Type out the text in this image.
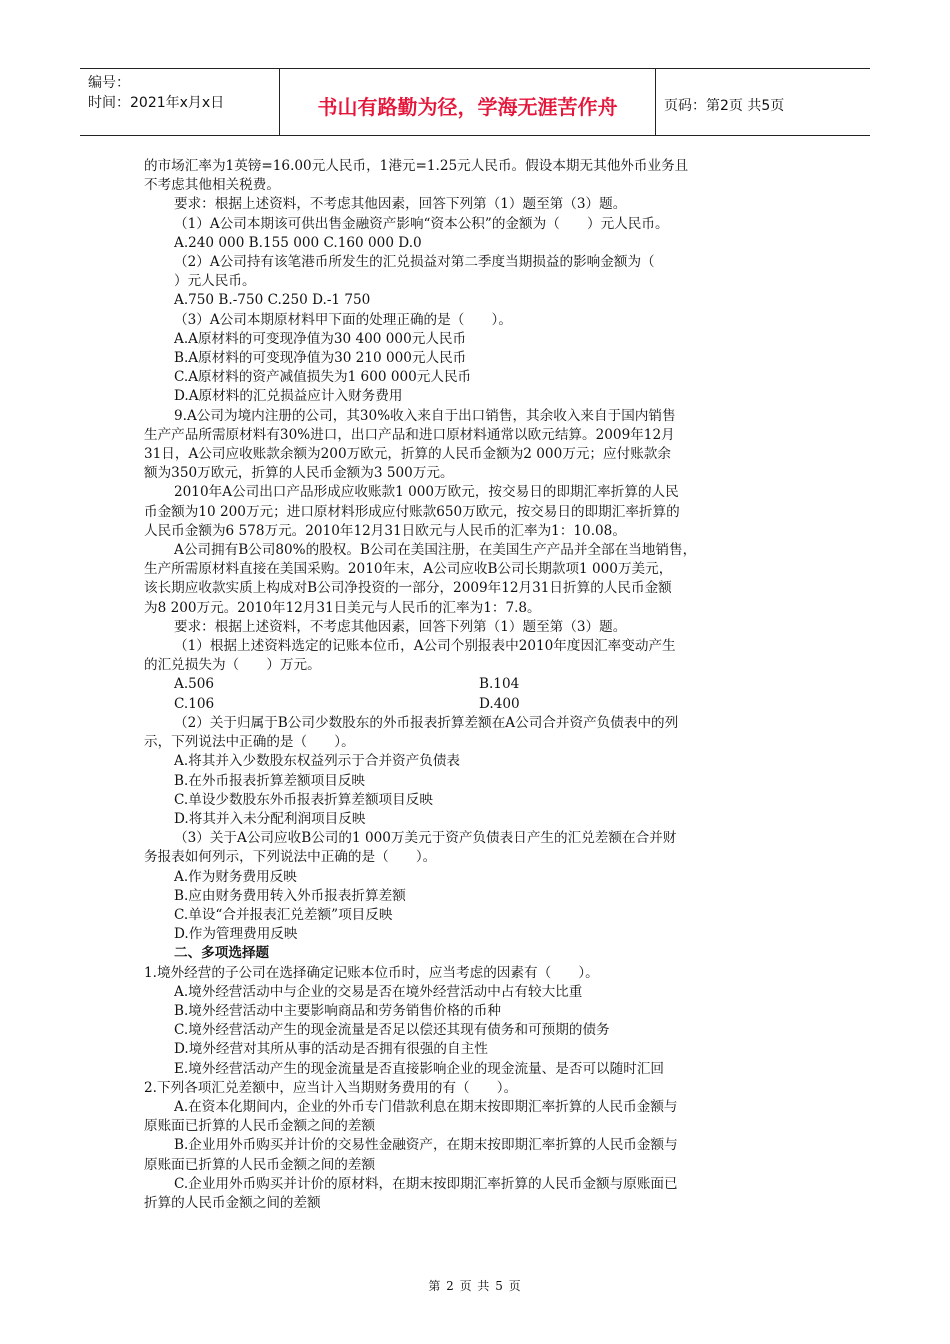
编号：
时间：2021年x月x日	书山有路勤为径，学海无涯苦作舟	页码：第2页 共5页
的市场汇率为1英镑=16.00元人民币，1港元=1.25元人民币。假设本期无其他外币业务且
不考虑其他相关税费。
要求：根据上述资料，不考虑其他因素，回答下列第（1）题至第（3）题。
（1）A公司本期该可供出售金融资产影响“资本公积”的金额为（　　）元人民币。
A.240 000 B.155 000 C.160 000 D.0
（2）A公司持有该笔港币所发生的汇兑损益对第二季度当期损益的影响金额为（
）元人民币。
A.750 B.-750 C.250 D.-1 750
（3）A公司本期原材料甲下面的处理正确的是（　　）。
A.A原材料的可变现净值为30 400 000元人民币
B.A原材料的可变现净值为30 210 000元人民币
C.A原材料的资产减值损失为1 600 000元人民币
D.A原材料的汇兑损益应计入财务费用
9.A公司为境内注册的公司，其30%收入来自于出口销售，其余收入来自于国内销售
生产产品所需原材料有30%进口，出口产品和进口原材料通常以欧元结算。2009年12月
31日，A公司应收账款余额为200万欧元，折算的人民币金额为2 000万元；应付账款余
额为350万欧元，折算的人民币金额为3 500万元。
2010年A公司出口产品形成应收账款1 000万欧元，按交易日的即期汇率折算的人民
币金额为10 200万元；进口原材料形成应付账款650万欧元，按交易日的即期汇率折算的
人民币金额为6 578万元。2010年12月31日欧元与人民币的汇率为1：10.08。
A公司拥有B公司80%的股权。B公司在美国注册，在美国生产产品并全部在当地销售，
生产所需原材料直接在美国采购。2010年末，A公司应收B公司长期款项1 000万美元，
该长期应收款实质上构成对B公司净投资的一部分，2009年12月31日折算的人民币金额
为8 200万元。2010年12月31日美元与人民币的汇率为1：7.8。
要求：根据上述资料，不考虑其他因素，回答下列第（1）题至第（3）题。
（1）根据上述资料选定的记账本位币，A公司个别报表中2010年度因汇率变动产生
的汇兑损失为（　　）万元。
A.506	B.104
C.106	D.400
（2）关于归属于B公司少数股东的外币报表折算差额在A公司合并资产负债表中的列
示，下列说法中正确的是（　　）。
A.将其并入少数股东权益列示于合并资产负债表
B.在外币报表折算差额项目反映
C.单设少数股东外币报表折算差额项目反映
D.将其并入未分配利润项目反映
（3）关于A公司应收B公司的1 000万美元于资产负债表日产生的汇兑差额在合并财
务报表如何列示，下列说法中正确的是（　　）。
A.作为财务费用反映
B.应由财务费用转入外币报表折算差额
C.单设“合并报表汇兑差额”项目反映
D.作为管理费用反映
二、多项选择题
1.境外经营的子公司在选择确定记账本位币时，应当考虑的因素有（　　）。
A.境外经营活动中与企业的交易是否在境外经营活动中占有较大比重
B.境外经营活动中主要影响商品和劳务销售价格的币种
C.境外经营活动产生的现金流量是否足以偿还其现有债务和可预期的债务
D.境外经营对其所从事的活动是否拥有很强的自主性
E.境外经营活动产生的现金流量是否直接影响企业的现金流量、是否可以随时汇回
2.下列各项汇兑差额中，应当计入当期财务费用的有（　　）。
A.在资本化期间内，企业的外币专门借款利息在期末按即期汇率折算的人民币金额与
原账面已折算的人民币金额之间的差额
B.企业用外币购买并计价的交易性金融资产，在期末按即期汇率折算的人民币金额与
原账面已折算的人民币金额之间的差额
C.企业用外币购买并计价的原材料，在期末按即期汇率折算的人民币金额与原账面已
折算的人民币金额之间的差额
第 2 页 共 5 页
